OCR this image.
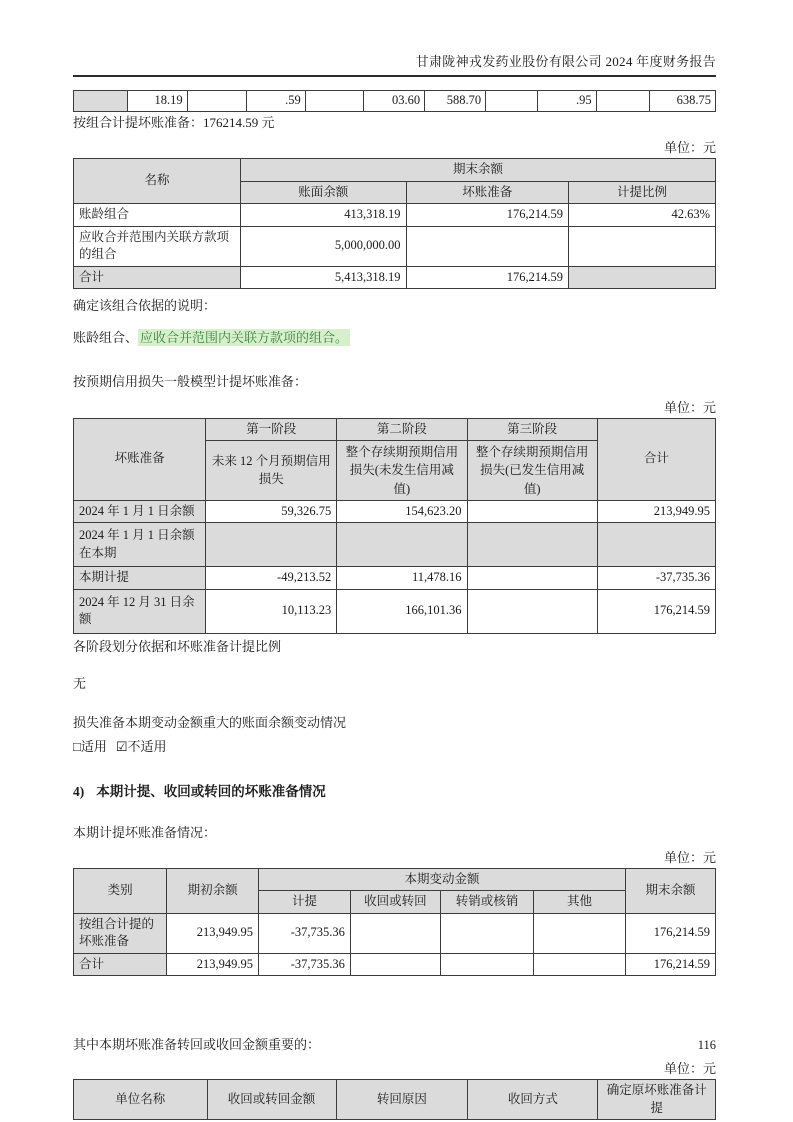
甘肃陇神戎发药业股份有限公司 2024 年度财务报告
	18.19		.59		03.60	588.70		.95		638.75
按组合计提坏账准备：176214.59 元
单位：元
名称	期末余额		
	账面余额	坏账准备	计提比例
账龄组合	413,318.19	176,214.59	42.63%
应收合并范围内关联方款项的组合	5,000,000.00		
合计	5,413,318.19	176,214.59	
确定该组合依据的说明：
账龄组合、 应收合并范围内关联方款项的组合。
按预期信用损失一般模型计提坏账准备：
单位：元
坏账准备	第一阶段	第二阶段	第三阶段	合计
	未来 12 个月预期信用损失	整个存续期预期信用损失(未发生信用减值)	整个存续期预期信用损失(已发生信用减值)	
2024 年 1 月 1 日余额	59,326.75	154,623.20		213,949.95
2024 年 1 月 1 日余额在本期				
本期计提	-49,213.52	11,478.16		-37,735.36
2024 年 12 月 31 日余额	10,113.23	166,101.36		176,214.59
各阶段划分依据和坏账准备计提比例
无
损失准备本期变动金额重大的账面余额变动情况
□适用 ☑不适用
4) 本期计提、收回或转回的坏账准备情况
本期计提坏账准备情况：
单位：元
类别	期初余额	本期变动金额				期末余额
		计提	收回或转回	转销或核销	其他	
按组合计提的坏账准备	213,949.95	-37,735.36				176,214.59
合计	213,949.95	-37,735.36				176,214.59
其中本期坏账准备转回或收回金额重要的：
单位：元
单位名称	收回或转回金额	转回原因	收回方式	确定原坏账准备计提
116
